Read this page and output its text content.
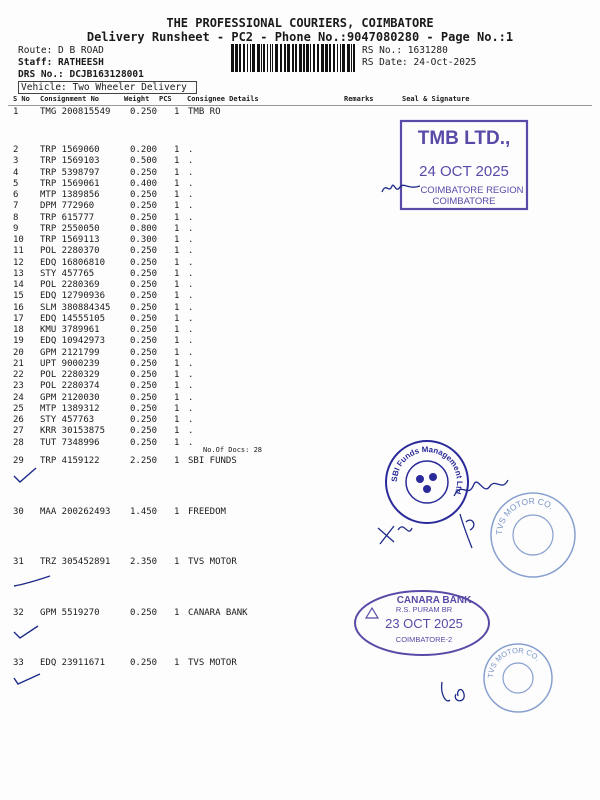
THE PROFESSIONAL COURIERS, COIMBATORE
Delivery Runsheet - PC2 - Phone No.:9047080280 - Page No.:1
Route: D B ROAD
Staff: RATHEESH
DRS No.: DCJB163128001
Vehicle: Two Wheeler Delivery
RS No.: 1631280
RS Date: 24-Oct-2025
S No Consignment No	Weight PCS Consignee Details	Remarks	Seal & Signature
1 TMG 200815549 0.250 1 TMB RO
2 TRP 1569060	0.200 1 .
3 TRP 1569103	0.500 1 .
4 TRP 5398797	0.250 1 .
5 TRP 1569061	0.400 1 .
6 MTP 1389856	0.250 1 .
7 DPM 772960	0.250 1 .
8 TRP 615777	0.250 1 .
9 TRP 2550050	0.800 1 .
10 TRP 1569113	0.300 1 .
11 POL 2280370	0.250 1 .
12 EDQ 16806810	0.250 1 .
13 STY 457765	0.250 1 .
14 POL 2280369	0.250 1 .
15 EDQ 12790936	0.250 1 .
16 SLM 380884345 0.250 1 .
17 EDQ 14555105	0.250 1 .
18 KMU 3789961	0.250 1 .
19 EDQ 10942973	0.250 1 .
20 GPM 2121799	0.250 1 .
21 UPT 9000239	0.250 1 .
22 POL 2280329	0.250 1 .
23 POL 2280374	0.250 1 .
24 GPM 2120030	0.250 1 .
25 MTP 1389312	0.250 1 .
26 STY 457763	0.250 1 .
27 KRR 30153875	0.250 1 .
28 TUT 7348996	0.250 1 .
29 TRP 4159122	2.250 1 SBI FUNDS
30 MAA 200262493 1.450 1 FREEDOM
31 TRZ 305452891 2.350 1 TVS MOTOR
32 GPM 5519270	0.250 1 CANARA BANK
33 EDQ 23911671	0.250 1 TVS MOTOR
No.Of Docs: 28
TMB LTD.,
24 OCT 2025
COIMBATORE REGION
COIMBATORE
SBI Funds Management Ltd
TVS MOTOR CO.
CANARA BANK
R.S. PURAM BR
23 OCT 2025
COIMBATORE-2
TVS MOTOR CO.
